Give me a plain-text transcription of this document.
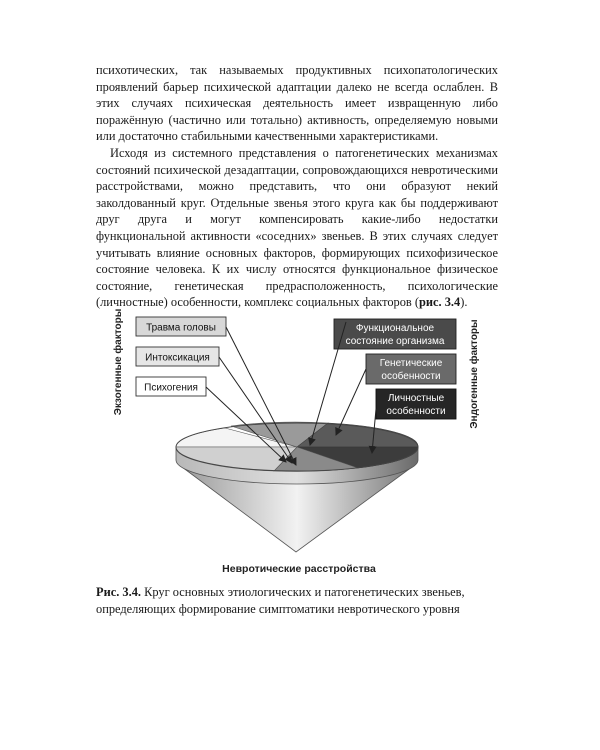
психотических, так называемых продуктивных психопатологических проявлений барьер психической адаптации далеко не всегда ослаблен. В этих случаях психическая деятельность имеет извращенную либо поражённую (частично или тотально) активность, определяемую новыми или достаточно стабильными качественными характеристиками.

Исходя из системного представления о патогенетических механизмах состояний психической дезадаптации, сопровождающихся невротическими расстройствами, можно представить, что они образуют некий заколдованный круг. Отдельные звенья этого круга как бы поддерживают друг друга и могут компенсировать какие-либо недостатки функциональной активности «соседних» звеньев. В этих случаях следует учитывать влияние основных факторов, формирующих психофизическое состояние человека. К их числу относятся функциональное физическое состояние, генетическая предрасположенность, психологические (личностные) особенности, комплекс социальных факторов (рис. 3.4).

Экзогенные факторы	Эндогенные факторы
Травма головы
Интоксикация
Психогения
Функциональное
состояние организма
Генетические
особенности
Личностные
особенности
Невротические расстройства

Рис. 3.4. Круг основных этиологических и патогенетических звеньев, определяющих формирование симптоматики невротического уровня
